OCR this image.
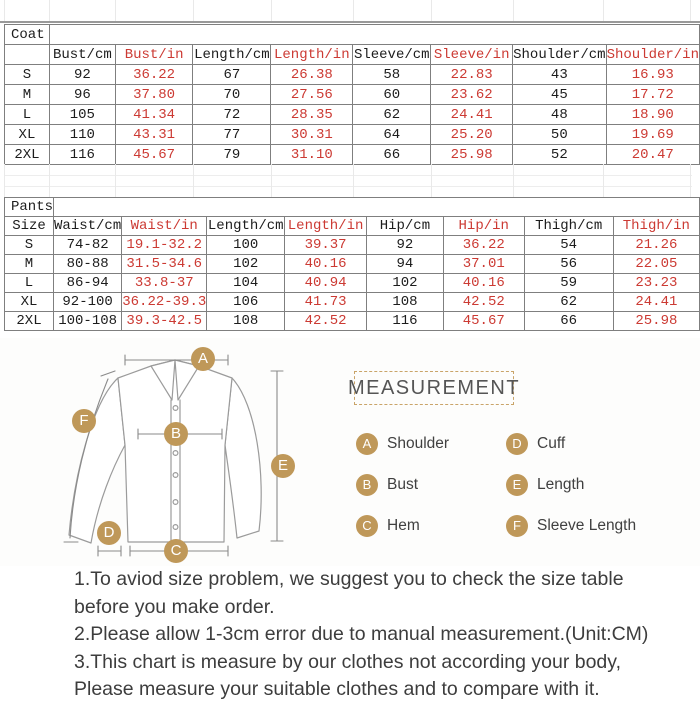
Coat								
	Bust/cm	Bust/in	Length/cm	Length/in	Sleeve/cm	Sleeve/in	Shoulder/cm	Shoulder/in
S	92	36.22	67	26.38	58	22.83	43	16.93
M	96	37.80	70	27.56	60	23.62	45	17.72
L	105	41.34	72	28.35	62	24.41	48	18.90
XL	110	43.31	77	30.31	64	25.20	50	19.69
2XL	116	45.67	79	31.10	66	25.98	52	20.47
Pants								
Size	Waist/cm	Waist/in	Length/cm	Length/in	Hip/cm	Hip/in	Thigh/cm	Thigh/in
S	74-82	19.1-32.2	100	39.37	92	36.22	54	21.26
M	80-88	31.5-34.6	102	40.16	94	37.01	56	22.05
L	86-94	33.8-37	104	40.94	102	40.16	59	23.23
XL	92-100	36.22-39.3	106	41.73	108	42.52	62	24.41
2XL	100-108	39.3-42.5	108	42.52	116	45.67	66	25.98
A
B
C
D
E
F
MEASUREMENT
A	Shoulder
B	Bust
C Hem
D Cuff
E	Length
F	Sleeve Length
1.To aviod size problem, we suggest you to check the size table
before you make order.
2.Please allow 1-3cm error due to manual measurement.(Unit:CM)
3.This chart is measure by our clothes not according your body,
Please measure your suitable clothes and to compare with it.
